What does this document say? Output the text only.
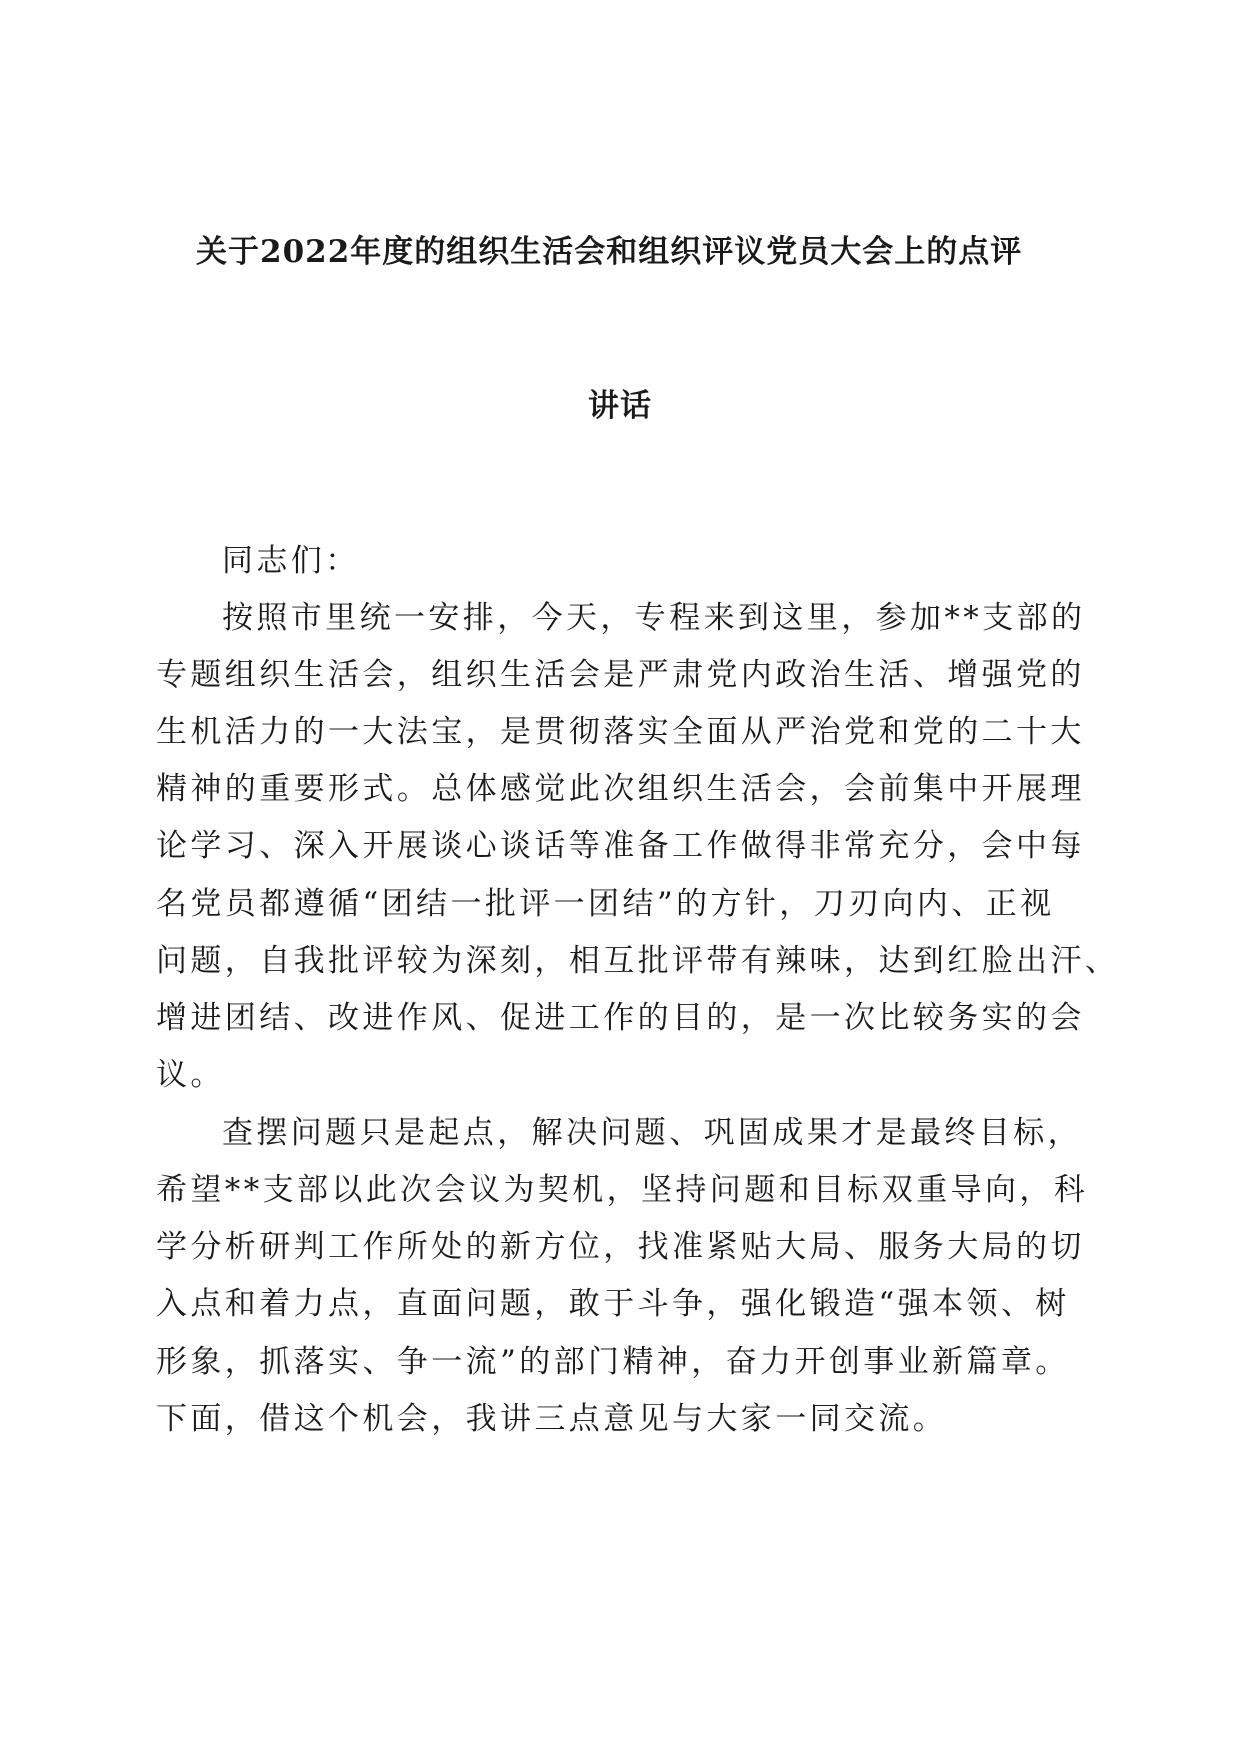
关于2022年度的组织生活会和组织评议党员大会上的点评
讲话
同志们：
按照市里统一安排，今天，专程来到这里，参加**支部的
专题组织生活会，组织生活会是严肃党内政治生活、增强党的
生机活力的一大法宝，是贯彻落实全面从严治党和党的二十大
精神的重要形式。总体感觉此次组织生活会，会前集中开展理
论学习、深入开展谈心谈话等准备工作做得非常充分，会中每
名党员都遵循“团结一批评一团结”的方针，刀刃向内、正视
问题，自我批评较为深刻，相互批评带有辣味，达到红脸出汗、
增进团结、改进作风、促进工作的目的，是一次比较务实的会
议。
查摆问题只是起点，解决问题、巩固成果才是最终目标，
希望**支部以此次会议为契机，坚持问题和目标双重导向，科
学分析研判工作所处的新方位，找准紧贴大局、服务大局的切
入点和着力点，直面问题，敢于斗争，强化锻造“强本领、树
形象，抓落实、争一流”的部门精神，奋力开创事业新篇章。
下面，借这个机会，我讲三点意见与大家一同交流。
